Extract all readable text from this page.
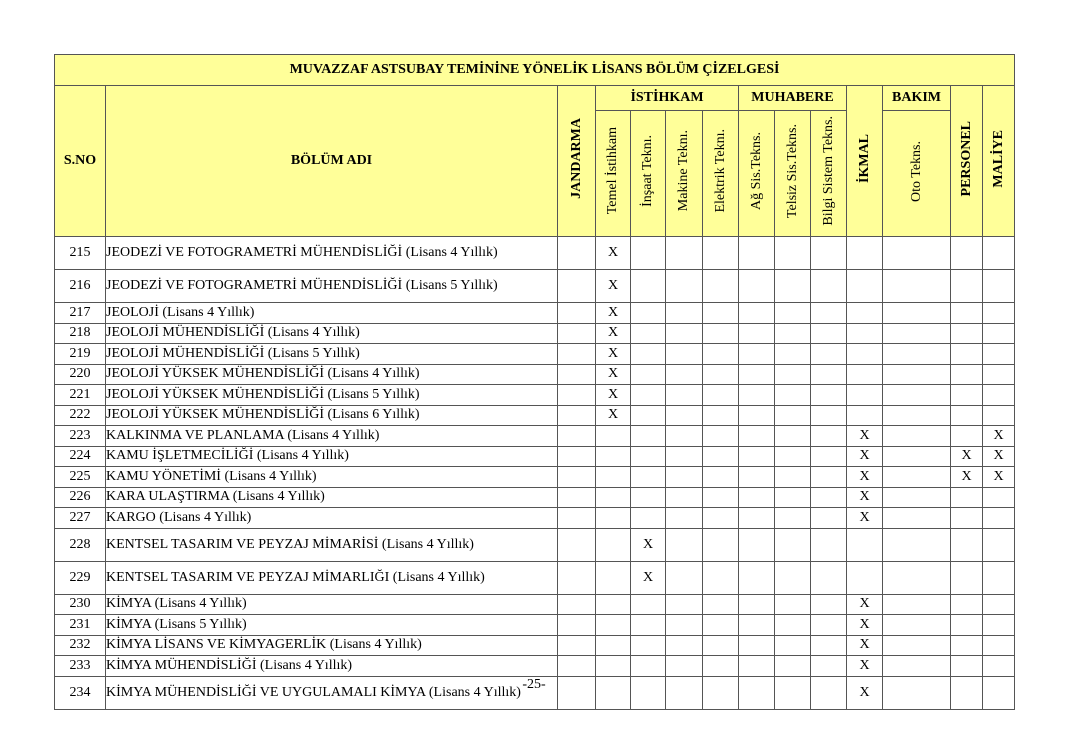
MUVAZZAF ASTSUBAY TEMİNİNE YÖNELİK LİSANS BÖLÜM ÇİZELGESİ													
S.NO	BÖLÜM ADI	JANDARMA	İSTİHKAM				MUHABERE			İKMAL	BAKIM	PERSONEL	MALİYE
			Temel İstihkam	İnşaat Teknı.	Makine Teknı.	Elektrik Teknı.	Ağ Sis.Tekns.	Telsiz Sis.Tekns.	Bilgi Sistem Tekns.		Oto Tekns.		
215	JEODEZİ VE FOTOGRAMETRİ MÜHENDİSLİĞİ (Lisans 4 Yıllık)		X										
216	JEODEZİ VE FOTOGRAMETRİ MÜHENDİSLİĞİ (Lisans 5 Yıllık)		X										
217	JEOLOJİ (Lisans 4 Yıllık)		X										
218	JEOLOJİ MÜHENDİSLİĞİ (Lisans 4 Yıllık)		X										
219	JEOLOJİ MÜHENDİSLİĞİ (Lisans 5 Yıllık)		X										
220	JEOLOJİ YÜKSEK MÜHENDİSLİĞİ (Lisans 4 Yıllık)		X										
221	JEOLOJİ YÜKSEK MÜHENDİSLİĞİ (Lisans 5 Yıllık)		X										
222	JEOLOJİ YÜKSEK MÜHENDİSLİĞİ (Lisans 6 Yıllık)		X										
223	KALKINMA VE PLANLAMA (Lisans 4 Yıllık)									X			X
224	KAMU İŞLETMECİLİĞİ (Lisans 4 Yıllık)									X		X	X
225	KAMU YÖNETİMİ (Lisans 4 Yıllık)									X		X	X
226	KARA ULAŞTIRMA (Lisans 4 Yıllık)									X			
227	KARGO (Lisans 4 Yıllık)									X			
228	KENTSEL TASARIM VE PEYZAJ MİMARİSİ (Lisans 4 Yıllık)			X									
229	KENTSEL TASARIM VE PEYZAJ MİMARLIĞI (Lisans 4 Yıllık)			X									
230	KİMYA (Lisans 4 Yıllık)									X			
231	KİMYA (Lisans 5 Yıllık)									X			
232	KİMYA LİSANS VE KİMYAGERLİK (Lisans 4 Yıllık)									X			
233	KİMYA MÜHENDİSLİĞİ (Lisans 4 Yıllık)									X			
234	KİMYA MÜHENDİSLİĞİ VE UYGULAMALI KİMYA (Lisans 4 Yıllık)									X			
-25-
